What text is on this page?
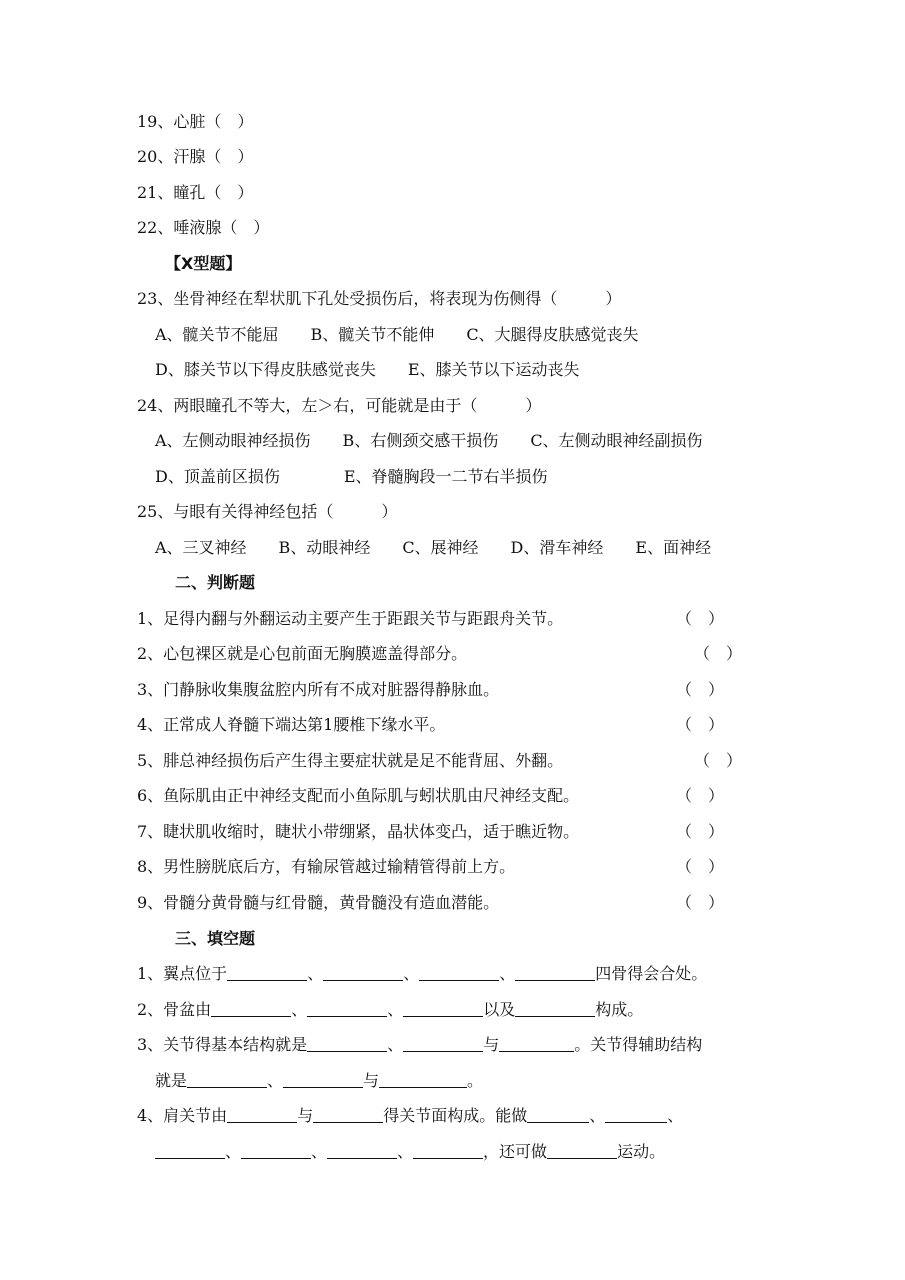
19、心脏（　）
20、汗腺（　）
21、瞳孔（　）
22、唾液腺（　）
【X型题】
23、坐骨神经在犁状肌下孔处受损伤后，将表现为伤侧得（　　　）
A、髋关节不能屈　　B、髋关节不能伸　　C、大腿得皮肤感觉丧失
D、膝关节以下得皮肤感觉丧失　　E、膝关节以下运动丧失
24、两眼瞳孔不等大，左＞右，可能就是由于（　　　）
A、左侧动眼神经损伤　　B、右侧颈交感干损伤　　C、左侧动眼神经副损伤
D、顶盖前区损伤　　　　E、脊髓胸段一二节右半损伤
25、与眼有关得神经包括（　　　）
A、三叉神经　　B、动眼神经　　C、展神经　　D、滑车神经　　E、面神经
二、判断题
1、足得内翻与外翻运动主要产生于距跟关节与距跟舟关节。	（　）
2、心包裸区就是心包前面无胸膜遮盖得部分。	（　）
3、门静脉收集腹盆腔内所有不成对脏器得静脉血。	（　）
4、正常成人脊髓下端达第1腰椎下缘水平。	（　）
5、腓总神经损伤后产生得主要症状就是足不能背屈、外翻。	（　）
6、鱼际肌由正中神经支配而小鱼际肌与蚓状肌由尺神经支配。	（　）
7、睫状肌收缩时，睫状小带绷紧，晶状体变凸，适于瞧近物。	（　）
8、男性膀胱底后方，有输尿管越过输精管得前上方。	（　）
9、骨髓分黄骨髓与红骨髓，黄骨髓没有造血潜能。	（　）
三、填空题
1、翼点位于	、	、	、	四骨得会合处。
2、骨盆由	、	、	以及	构成。
3、关节得基本结构就是	、	与	。关节得辅助结构
就是	、	与	。
4、肩关节由	与	得关节面构成。能做	、	、
、	、	、	，还可做	运动。
